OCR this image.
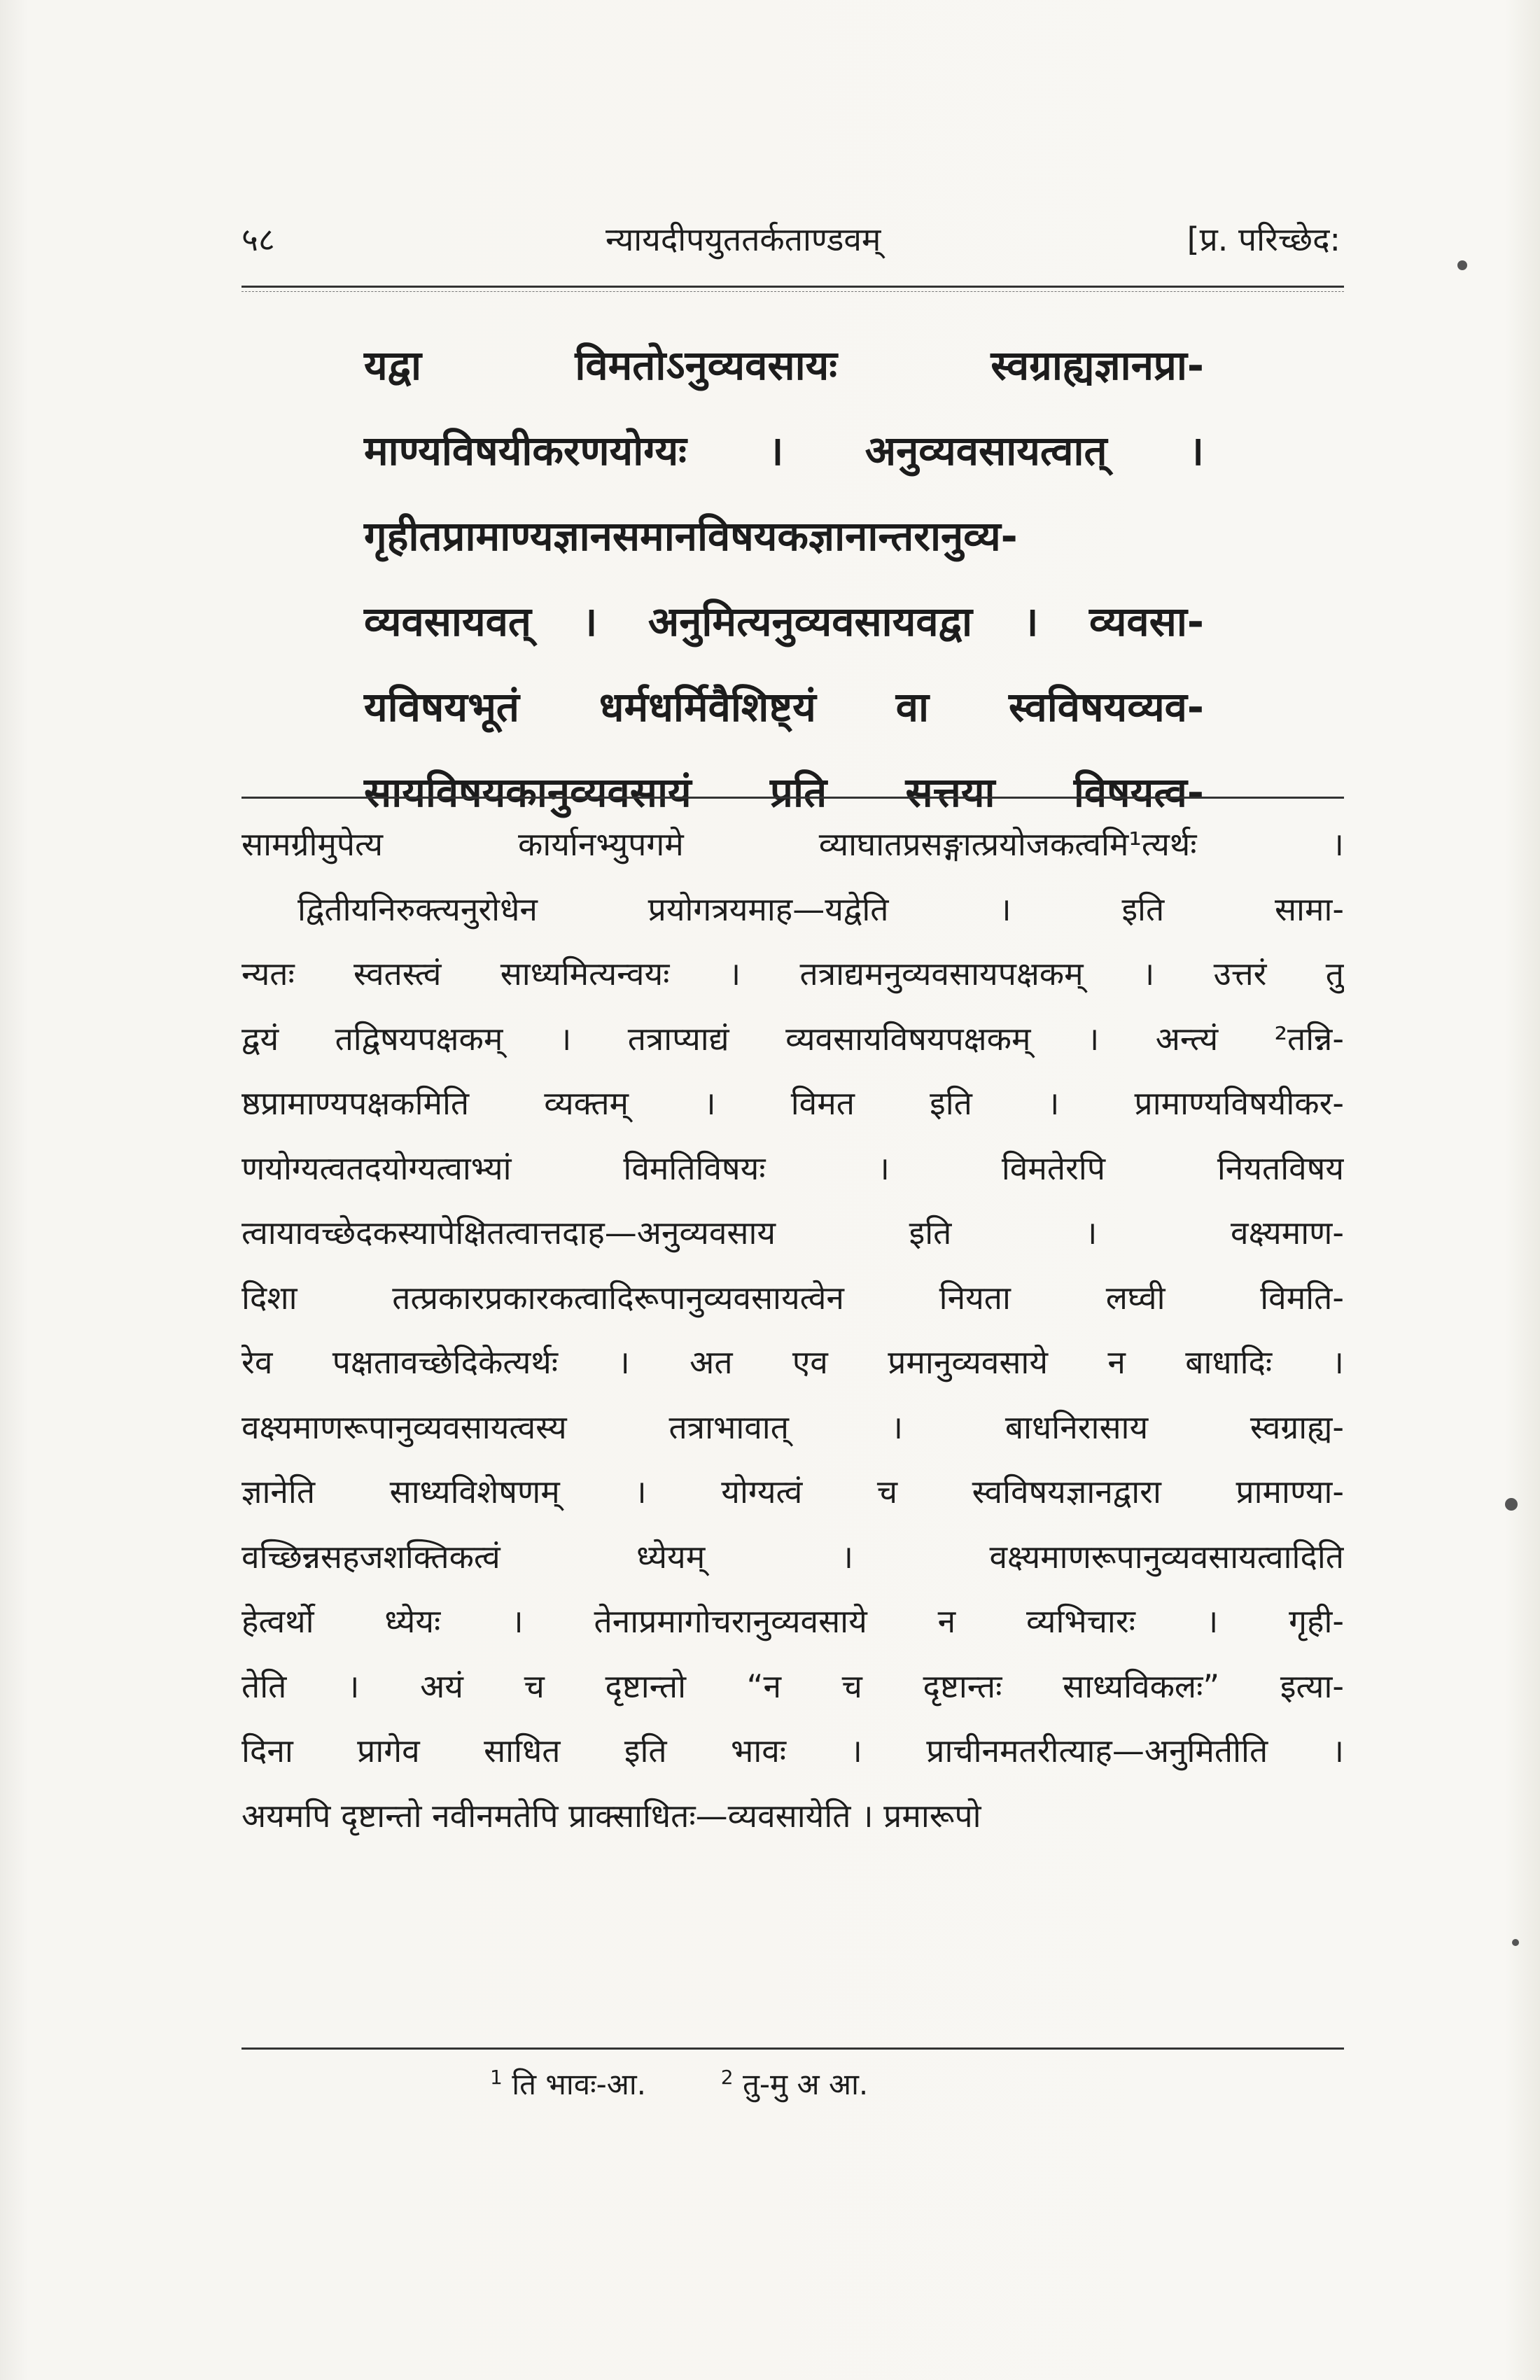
५८	न्यायदीपयुततर्कताण्डवम्	[प्र. परिच्छेद:
यद्वा विमतोऽनुव्यवसायः स्वग्राह्यज्ञानप्रा-
माण्यविषयीकरणयोग्यः । अनुव्यवसायत्वात् ।
गृहीतप्रामाण्यज्ञानसमानविषयकज्ञानान्तरानुव्य-
व्यवसायवत् । अनुमित्यनुव्यवसायवद्वा । व्यवसा-
यविषयभूतं धर्मधर्मिवैशिष्ट्यं वा स्वविषयव्यव-
सायविषयकानुव्यवसायं प्रति सत्तया विषयत्व-
सामग्रीमुपेत्य कार्यानभ्युपगमे व्याघातप्रसङ्गात्प्रयोजकत्वमि¹त्यर्थः ।
द्वितीयनिरुक्त्यनुरोधेन प्रयोगत्रयमाह—यद्वेति । इति सामा-
न्यतः स्वतस्त्वं साध्यमित्यन्वयः । तत्राद्यमनुव्यवसायपक्षकम् । उत्तरं तु
द्वयं तद्विषयपक्षकम् । तत्राप्याद्यं व्यवसायविषयपक्षकम् । अन्त्यं ²तन्नि-
ष्ठप्रामाण्यपक्षकमिति व्यक्तम् । विमत इति । प्रामाण्यविषयीकर-
णयोग्यत्वतदयोग्यत्वाभ्यां विमतिविषयः । विमतेरपि नियतविषय
त्वायावच्छेदकस्यापेक्षितत्वात्तदाह—अनुव्यवसाय इति । वक्ष्यमाण-
दिशा तत्प्रकारप्रकारकत्वादिरूपानुव्यवसायत्वेन नियता लघ्वी विमति-
रेव पक्षतावच्छेदिकेत्यर्थः । अत एव प्रमानुव्यवसाये न बाधादिः ।
वक्ष्यमाणरूपानुव्यवसायत्वस्य तत्राभावात् । बाधनिरासाय स्वग्राह्य-
ज्ञानेति साध्यविशेषणम् । योग्यत्वं च स्वविषयज्ञानद्वारा प्रामाण्या-
वच्छिन्नसहजशक्तिकत्वं ध्येयम् । वक्ष्यमाणरूपानुव्यवसायत्वादिति
हेत्वर्थो ध्येयः । तेनाप्रमागोचरानुव्यवसाये न व्यभिचारः । गृही-
तेति । अयं च दृष्टान्तो “न च दृष्टान्तः साध्यविकलः” इत्या-
दिना प्रागेव साधित इति भावः । प्राचीनमतरीत्याह—अनुमितीति ।
अयमपि दृष्टान्तो नवीनमतेपि प्राक्साधितः—व्यवसायेति । प्रमारूपो
$^1$ ति भावः-आ.	$^2$ तु-मु अ आ.
